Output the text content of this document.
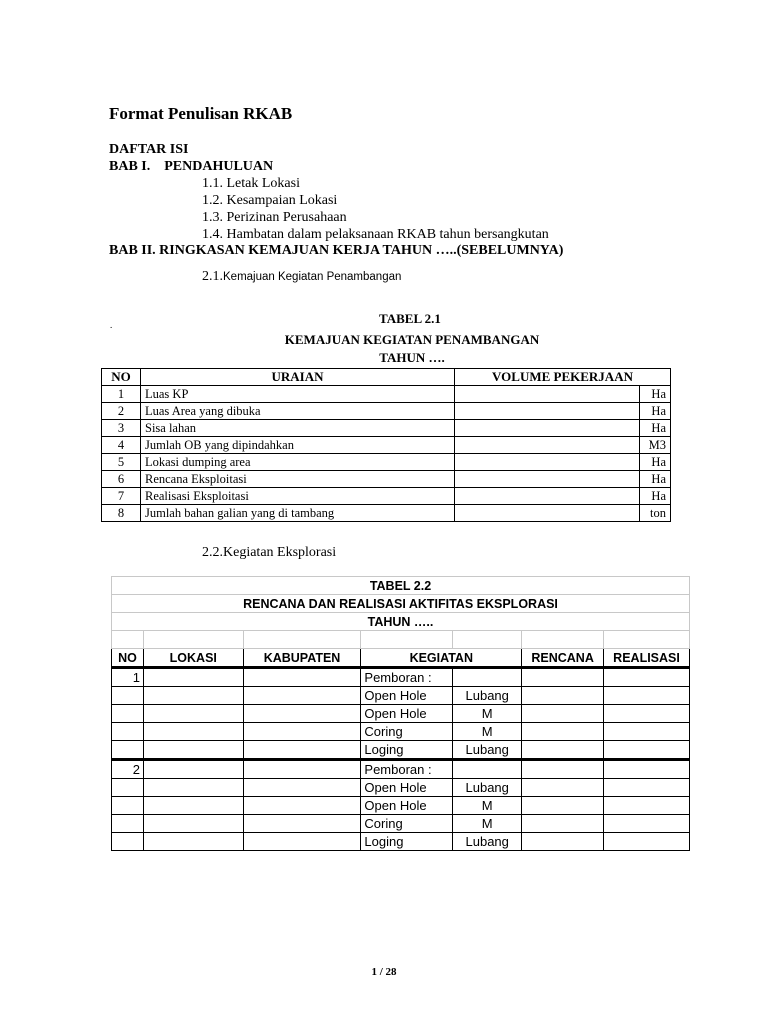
Format Penulisan RKAB
DAFTAR ISI
BAB I.    PENDAHULUAN
1.1. Letak Lokasi
1.2. Kesampaian Lokasi
1.3. Perizinan Perusahaan
1.4. Hambatan dalam pelaksanaan RKAB tahun bersangkutan
BAB II. RINGKASAN KEMAJUAN KERJA TAHUN …..(SEBELUMNYA)
2.1.Kemajuan Kegiatan Penambangan
TABEL 2.1
.
KEMAJUAN KEGIATAN PENAMBANGAN
TAHUN ….
NO	URAIAN	VOLUME PEKERJAAN	
1	Luas KP		Ha
2	Luas Area yang dibuka		Ha
3	Sisa lahan		Ha
4	Jumlah OB yang dipindahkan		M3
5	Lokasi dumping area		Ha
6	Rencana Eksploitasi		Ha
7	Realisasi Eksploitasi		Ha
8	Jumlah bahan galian yang di tambang		ton
2.2.Kegiatan Eksplorasi
TABEL 2.2						
RENCANA DAN REALISASI AKTIFITAS EKSPLORASI						
TAHUN …..						

NO	LOKASI	KABUPATEN	KEGIATAN		RENCANA	REALISASI
1			Pemboran :			
			Open Hole	Lubang		
			Open Hole	M		
			Coring	M		
			Loging	Lubang		
2			Pemboran :			
			Open Hole	Lubang		
			Open Hole	M		
			Coring	M		
			Loging	Lubang		
1 / 28
